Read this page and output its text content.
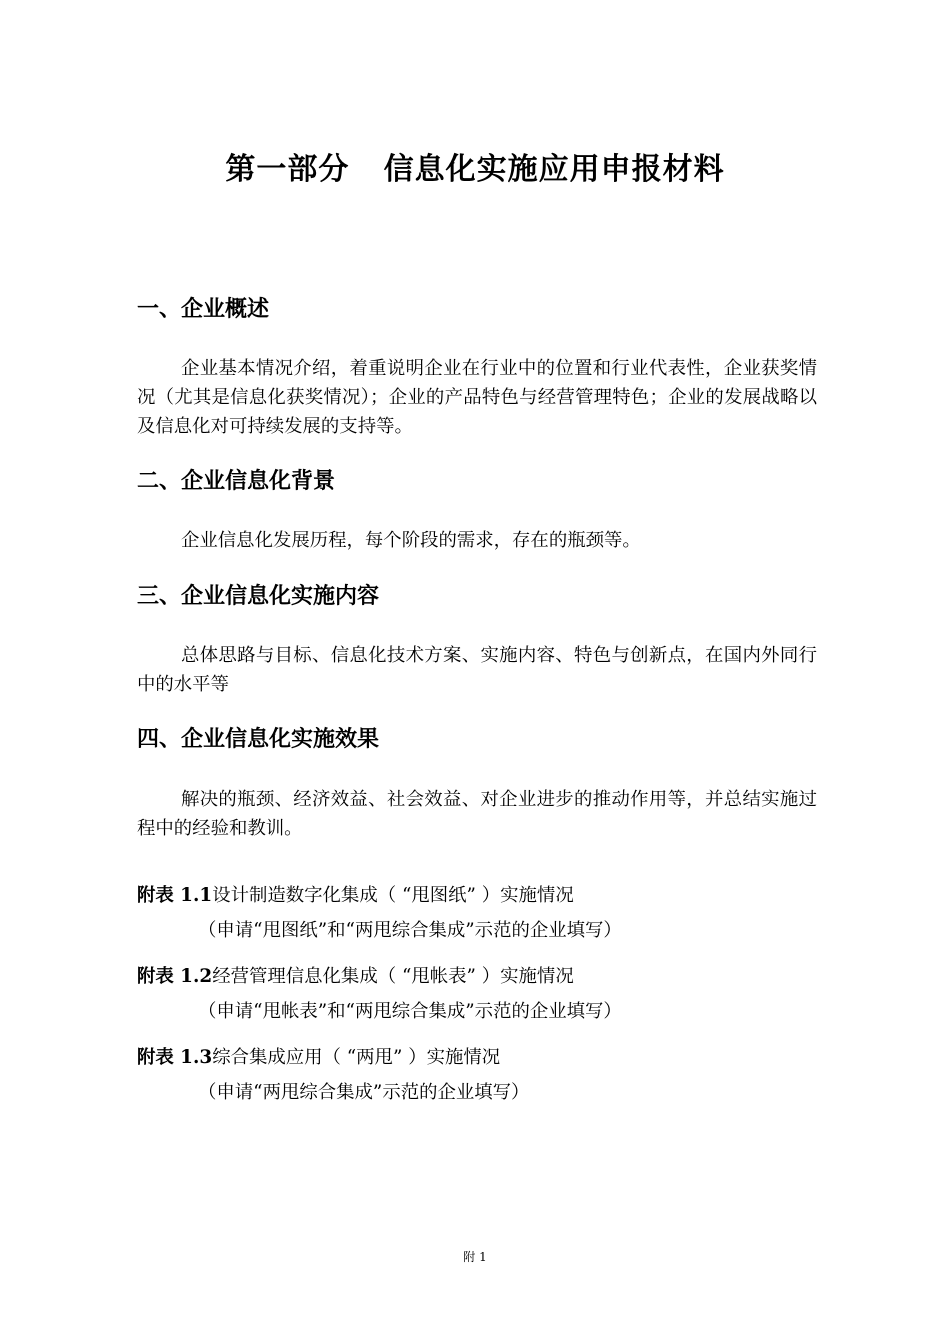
第一部分   信息化实施应用申报材料
一、企业概述
企业基本情况介绍，着重说明企业在行业中的位置和行业代表性，企业获奖情况（尤其是信息化获奖情况）；企业的产品特色与经营管理特色；企业的发展战略以及信息化对可持续发展的支持等。
二、企业信息化背景
企业信息化发展历程，每个阶段的需求，存在的瓶颈等。
三、企业信息化实施内容
总体思路与目标、信息化技术方案、实施内容、特色与创新点，在国内外同行中的水平等
四、企业信息化实施效果
解决的瓶颈、经济效益、社会效益、对企业进步的推动作用等，并总结实施过程中的经验和教训。
附表 1.1设计制造数字化集成（ “甩图纸” ）实施情况
（申请“甩图纸”和“两甩综合集成”示范的企业填写）
附表 1.2经营管理信息化集成（ “甩帐表” ）实施情况
（申请“甩帐表”和“两甩综合集成”示范的企业填写）
附表 1.3综合集成应用（ “两甩” ）实施情况
（申请“两甩综合集成”示范的企业填写）
附 1
